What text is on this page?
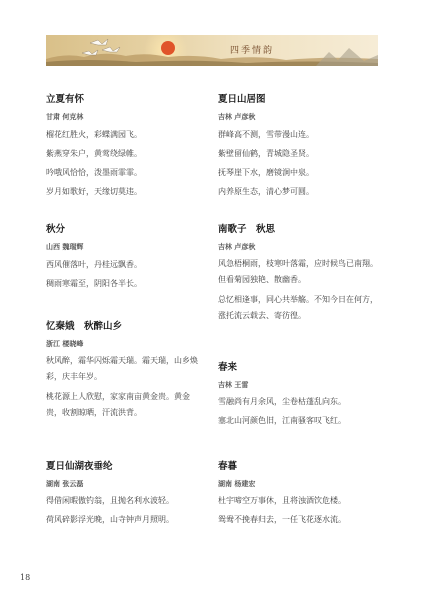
四季情韵
立夏有怀
甘肃 何克林
榴花红胜火，彩蝶满园飞。
紫燕穿朱户，黄莺绕绿帷。
吟哦风恰恰，泼墨雨霏霏。
岁月如歌好，天缘切莫违。
秋分
山西 魏瑞辉
西风催落叶，丹桂远飘香。
稠雨寒霜至，阴阳各半长。
忆秦娥　秋醉山乡
浙江 楼晓峰
秋风醉，霜华闪烁霜天瑞。霜天瑞，山乡焕彩，庆丰年岁。
桃花源上人欣慰，家家南亩黄金贵。黄金贵，收割晾晒，汗流洪背。
夏日仙湖夜垂纶
湖南 张云磊
得借闲暇傲钓翁，且抛名利水波轻。
荷风碎影浮光晚，山寺钟声月照明。
夏日山居图
吉林 卢彦秋
群峰高不测，雪带漫山连。
紫壁留仙鹤，青城隐圣贤。
抚琴崖下水，磨镜涧中泉。
内养原生态，清心梦可圆。
南歌子　秋思
吉林 卢彦秋
风急梧桐雨，枝寒叶落霜，应时候鸟已南翔。但看菊园独艳、散幽香。
总忆相逢事，同心共举觞。不知今日在何方，涨托流云载去、寄彷徨。
春来
吉林 王雷
雪融尚有月余风，尘卷枯蓬乱向东。
塞北山河颜色旧，江南骚客叹飞红。
春暮
湖南 杨建宏
杜宇啼空万事休，且将浊酒饮危楼。
鸳鸯不挽春归去，一任飞花逐水流。
18
